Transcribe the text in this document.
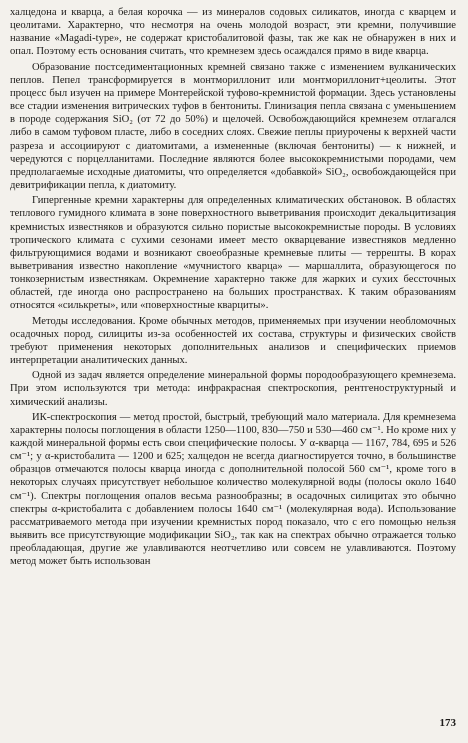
халцедона и кварца, а белая корочка — из минералов содовых силикатов, иногда с кварцем и цеолитами. Характерно, что несмотря на очень молодой возраст, эти кремни, получившие название «Magadi-type», не содержат кристобалитовой фазы, так же как не обнаружен в них и опал. Поэтому есть основания считать, что кремнезем здесь осаждался прямо в виде кварца.

Образование постседиментационных кремней связано также с изменением вулканических пеплов. Пепел трансформируется в монтмориллонит или монтмориллонит+цеолиты. Этот процесс был изучен на примере Монтерейской туфово-кремнистой формации. Здесь установлены все стадии изменения витрических туфов в бентониты. Глинизация пепла связана с уменьшением в породе содержания SiO₂ (от 72 до 50%) и щелочей. Освобождающийся кремнезем отлагался либо в самом туфовом пласте, либо в соседних слоях. Свежие пеплы приурочены к верхней части разреза и ассоциируют с диатомитами, а измененные (включая бентониты) — к нижней, и чередуются с порцелланитами. Последние являются более высококремнистыми породами, чем предполагаемые исходные диатомиты, что определяется «добавкой» SiO₂, освобождающейся при девитрификации пепла, к диатомиту.

Гипергенные кремни характерны для определенных климатических обстановок. В областях теплового гумидного климата в зоне поверхностного выветривания происходит декальцитизация кремнистых известняков и образуются сильно пористые высококремнистые породы. В условиях тропического климата с сухими сезонами имеет место окварцевание известняков медленно фильтрующимися водами и возникают своеобразные кремневые плиты — террешты. В корах выветривания известно накопление «мучнистого кварца» — маршаллита, образующегося по тонкозернистым известнякам. Окремнение характерно также для жарких и сухих бессточных областей, где иногда оно распространено на больших пространствах. К таким образованиям относятся «силькреты», или «поверхностные кварциты».

Методы исследования. Кроме обычных методов, применяемых при изучении необломочных осадочных пород, силициты из-за особенностей их состава, структуры и физических свойств требуют применения некоторых дополнительных анализов и специфических приемов интерпретации аналитических данных.

Одной из задач является определение минеральной формы породообразующего кремнезема. При этом используются три метода: инфракрасная спектроскопия, рентгеноструктурный и химический анализы.

ИК-спектроскопия — метод простой, быстрый, требующий мало материала. Для кремнезема характерны полосы поглощения в области 1250—1100, 830—750 и 530—460 см⁻¹. Но кроме них у каждой минеральной формы есть свои специфические полосы. У α-кварца — 1167, 784, 695 и 526 см⁻¹; у α-кристобалита — 1200 и 625; халцедон не всегда диагностируется точно, в большинстве образцов отмечаются полосы кварца иногда с дополнительной полосой 560 см⁻¹, кроме того в некоторых случаях присутствует небольшое количество молекулярной воды (полосы около 1640 см⁻¹). Спектры поглощения опалов весьма разнообразны; в осадочных силицитах это обычно спектры α-кристобалита с добавлением полосы 1640 см⁻¹ (молекулярная вода). Использование рассматриваемого метода при изучении кремнистых пород показало, что с его помощью нельзя выявить все присутствующие модификации SiO₂, так как на спектрах обычно отражается только преобладающая, другие же улавливаются неотчетливо или совсем не улавливаются. Поэтому метод может быть использован

173
